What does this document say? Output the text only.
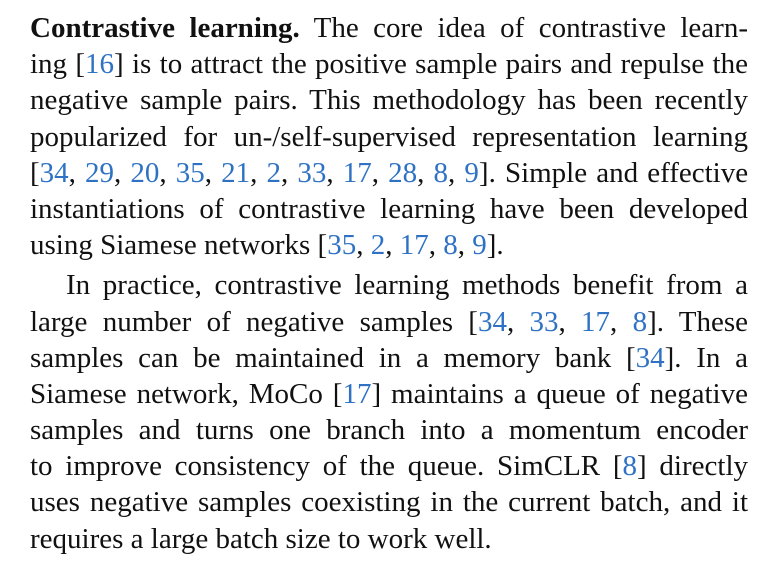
Contrastive learning. The core idea of contrastive learn-
ing [16] is to attract the positive sample pairs and repulse the
negative sample pairs. This methodology has been recently
popularized for un-/self-supervised representation learning
[34, 29, 20, 35, 21, 2, 33, 17, 28, 8, 9]. Simple and effective
instantiations of contrastive learning have been developed
using Siamese networks [35, 2, 17, 8, 9].
In practice, contrastive learning methods benefit from a
large number of negative samples [34, 33, 17, 8]. These
samples can be maintained in a memory bank [34]. In a
Siamese network, MoCo [17] maintains a queue of negative
samples and turns one branch into a momentum encoder
to improve consistency of the queue. SimCLR [8] directly
uses negative samples coexisting in the current batch, and it
requires a large batch size to work well.
